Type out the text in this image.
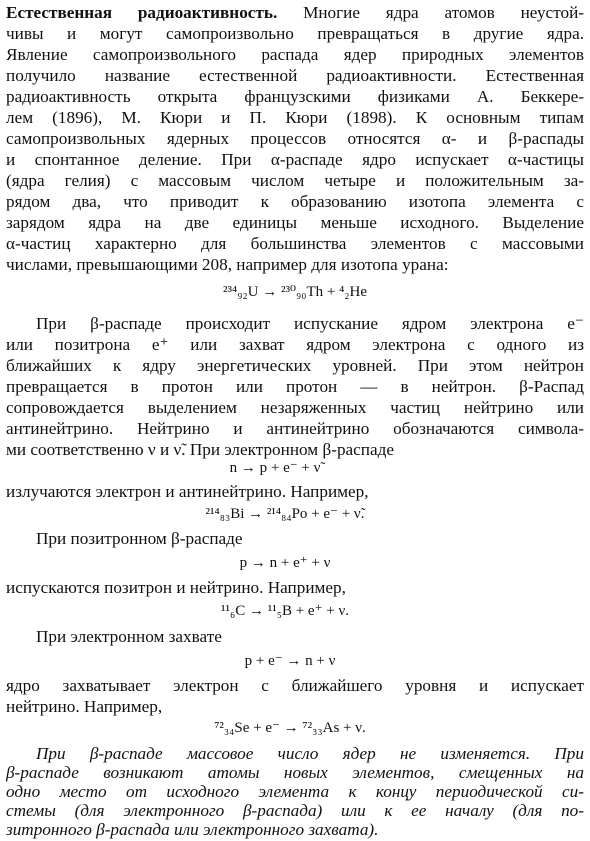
Естественная радиоактивность. Многие ядра атомов неустой-
чивы и могут самопроизвольно превращаться в другие ядра.
Явление самопроизвольного распада ядер природных элементов
получило название естественной радиоактивности. Естественная
радиоактивность открыта французскими физиками А. Беккере-
лем (1896), М. Кюри и П. Кюри (1898). К основным типам
самопроизвольных ядерных процессов относятся α- и β-распады
и спонтанное деление. При α-распаде ядро испускает α-частицы
(ядра гелия) с массовым числом четыре и положительным за-
рядом два, что приводит к образованию изотопа элемента с
зарядом ядра на две единицы меньше исходного. Выделение
α-частиц характерно для большинства элементов с массовыми
числами, превышающими 208, например для изотопа урана:
²³⁴₉₂U → ²³⁰₉₀Th + ⁴₂He
При β-распаде происходит испускание ядром электрона e⁻
или позитрона e⁺ или захват ядром электрона с одного из
ближайших к ядру энергетических уровней. При этом нейтрон
превращается в протон или протон — в нейтрон. β-Распад
сопровождается выделением незаряженных частиц нейтрино или
антинейтрино. Нейтрино и антинейтрино обозначаются символа-
ми соответственно ν и ν̃. При электронном β-распаде
n → p + e⁻ + ν̃
излучаются электрон и антинейтрино. Например,
²¹⁴₈₃Bi → ²¹⁴₈₄Po + e⁻ + ν̃.
При позитронном β-распаде
p → n + e⁺ + ν
испускаются позитрон и нейтрино. Например,
¹¹₆C → ¹¹₅B + e⁺ + ν.
При электронном захвате
p + e⁻ → n + ν
ядро захватывает электрон с ближайшего уровня и испускает
нейтрино. Например,
⁷²₃₄Se + e⁻ → ⁷²₃₃As + ν.
При β-распаде массовое число ядер не изменяется. При
β-распаде возникают атомы новых элементов, смещенных на
одно место от исходного элемента к концу периодической си-
стемы (для электронного β-распада) или к ее началу (для по-
зитронного β-распада или электронного захвата).
